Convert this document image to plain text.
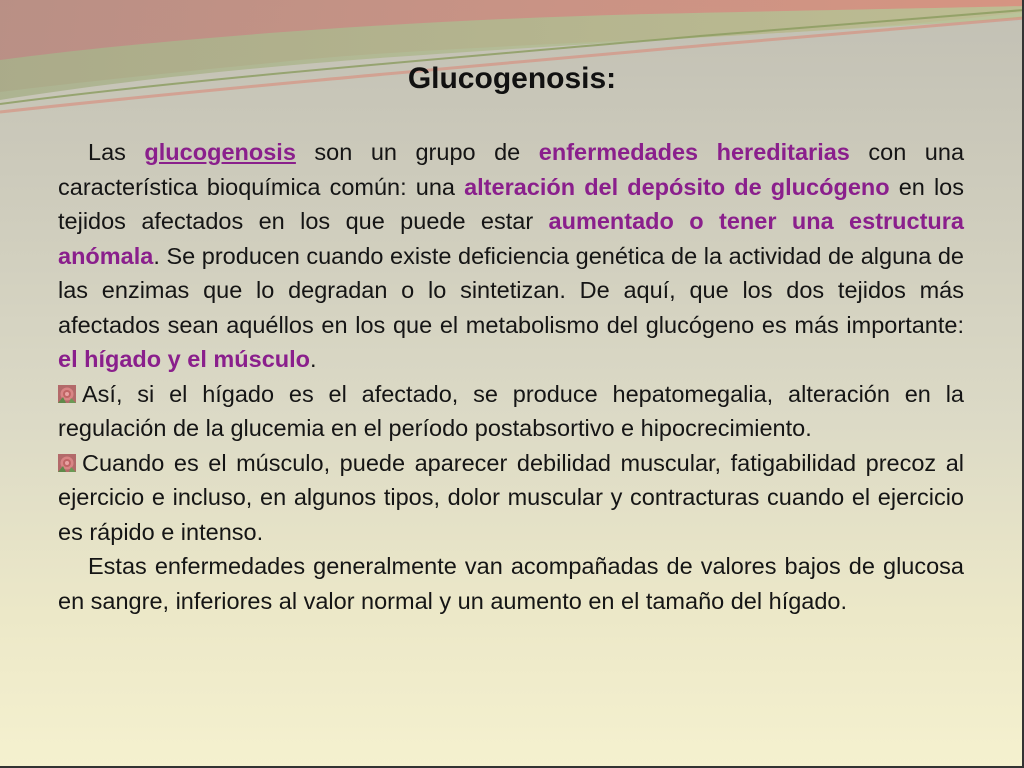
Glucogenosis:

Las glucogenosis son un grupo de enfermedades hereditarias con una característica bioquímica común: una alteración del depósito de glucógeno en los tejidos afectados en los que puede estar aumentado o tener una estructura anómala. Se producen cuando existe deficiencia genética de la actividad de alguna de las enzimas que lo degradan o lo sintetizan. De aquí, que los dos tejidos más afectados sean aquéllos en los que el metabolismo del glucógeno es más importante: el hígado y el músculo.

Así, si el hígado es el afectado, se produce hepatomegalia, alteración en la regulación de la glucemia en el período postabsortivo e hipocrecimiento.

Cuando es el músculo, puede aparecer debilidad muscular, fatigabilidad precoz al ejercicio e incluso, en algunos tipos, dolor muscular y contracturas cuando el ejercicio es rápido e intenso.

Estas enfermedades generalmente van acompañadas de valores bajos de glucosa en sangre, inferiores al valor normal y un aumento en el tamaño del hígado.
